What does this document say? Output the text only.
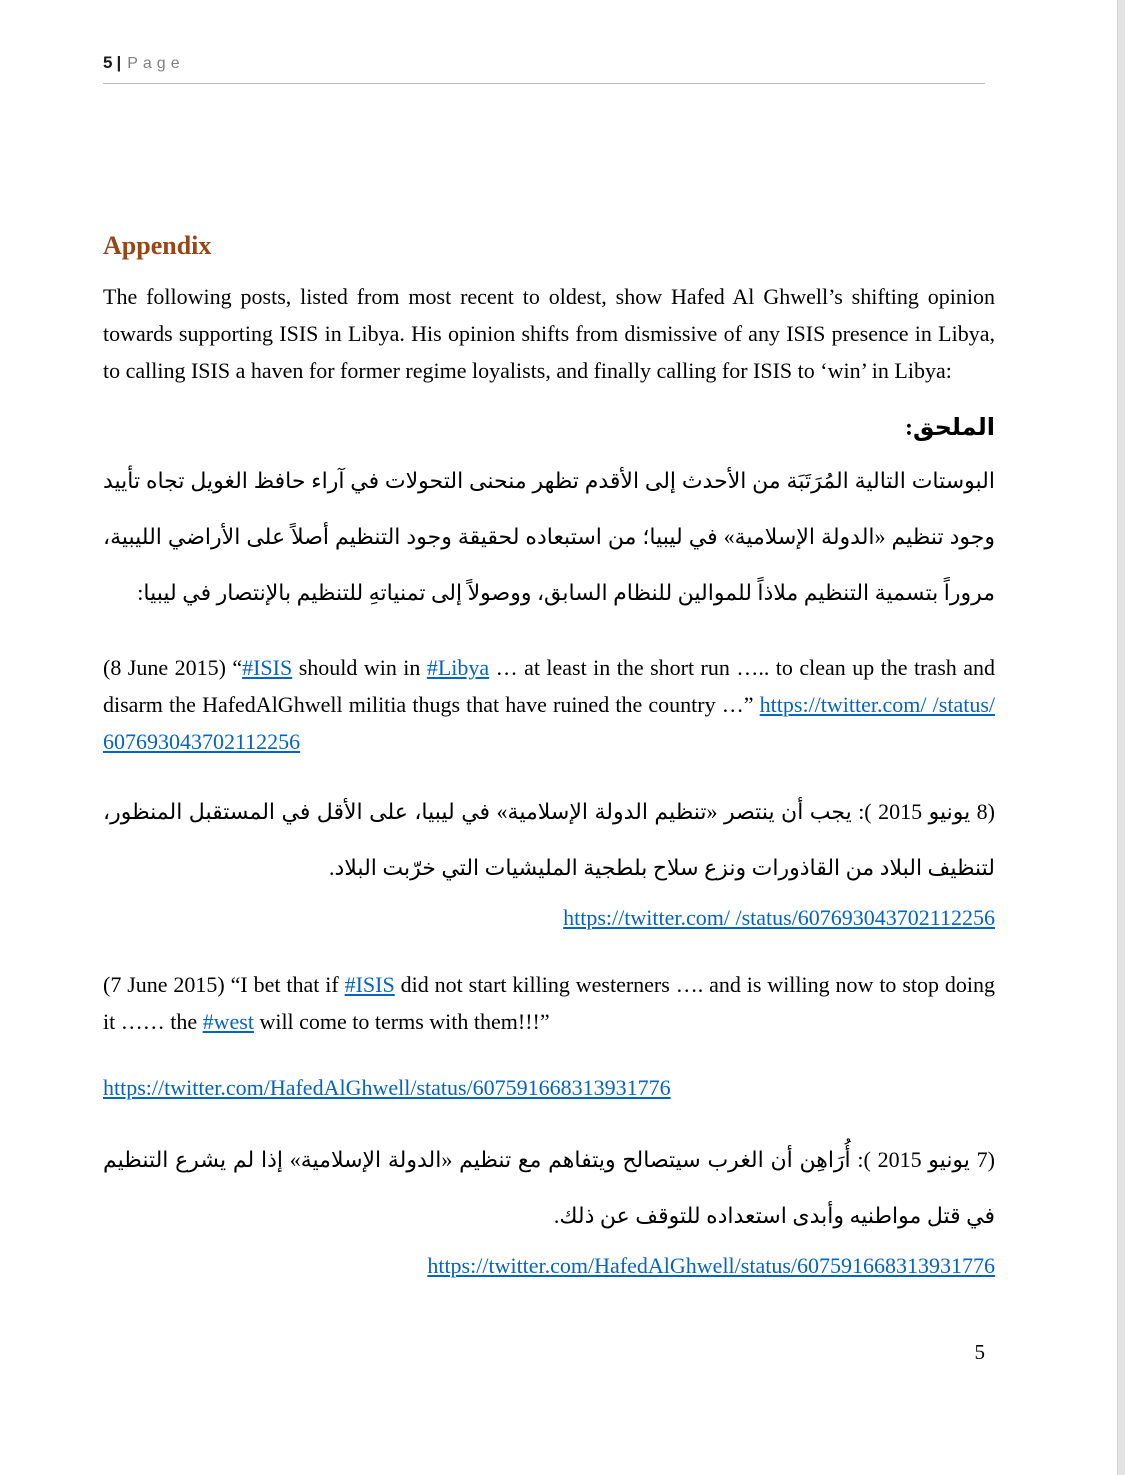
5 | Page
Appendix

The following posts, listed from most recent to oldest, show Hafed Al Ghwell’s shifting opinion towards supporting ISIS in Libya. His opinion shifts from dismissive of any ISIS presence in Libya, to calling ISIS a haven for former regime loyalists, and finally calling for ISIS to ‘win’ in Libya:

الملحق:

البوستات التالية المُرَتَبَة من الأحدث إلى الأقدم تظهر منحنى التحولات في آراء حافظ الغويل تجاه تأييد وجود تنظيم «الدولة الإسلامية» في ليبيا؛ من استبعاده لحقيقة وجود التنظيم أصلاً على الأراضي الليبية، مروراً بتسمية التنظيم ملاذاً للموالين للنظام السابق، ووصولاً إلى تمنياتهِ للتنظيم بالإنتصار في ليبيا:

(8 June 2015) “#ISIS should win in #Libya … at least in the short run ….. to clean up the trash and disarm the HafedAlGhwell militia thugs that have ruined the country …” https://twitter.com/ /status/607693043702112256

(8 يونيو 2015 ): يجب أن ينتصر «تنظيم الدولة الإسلامية» في ليبيا، على الأقل في المستقبل المنظور، لتنظيف البلاد من القاذورات ونزع سلاح بلطجية المليشيات التي خرّبت البلاد.

https://twitter.com/ /status/607693043702112256

(7 June 2015) “I bet that if #ISIS did not start killing westerners …. and is willing now to stop doing it …… the #west will come to terms with them!!!”

https://twitter.com/HafedAlGhwell/status/607591668313931776

(7 يونيو 2015 ): أُرَاهِن أن الغرب سيتصالح ويتفاهم مع تنظيم «الدولة الإسلامية» إذا لم يشرع التنظيم في قتل مواطنيه وأبدى استعداده للتوقف عن ذلك.

https://twitter.com/HafedAlGhwell/status/607591668313931776

5
